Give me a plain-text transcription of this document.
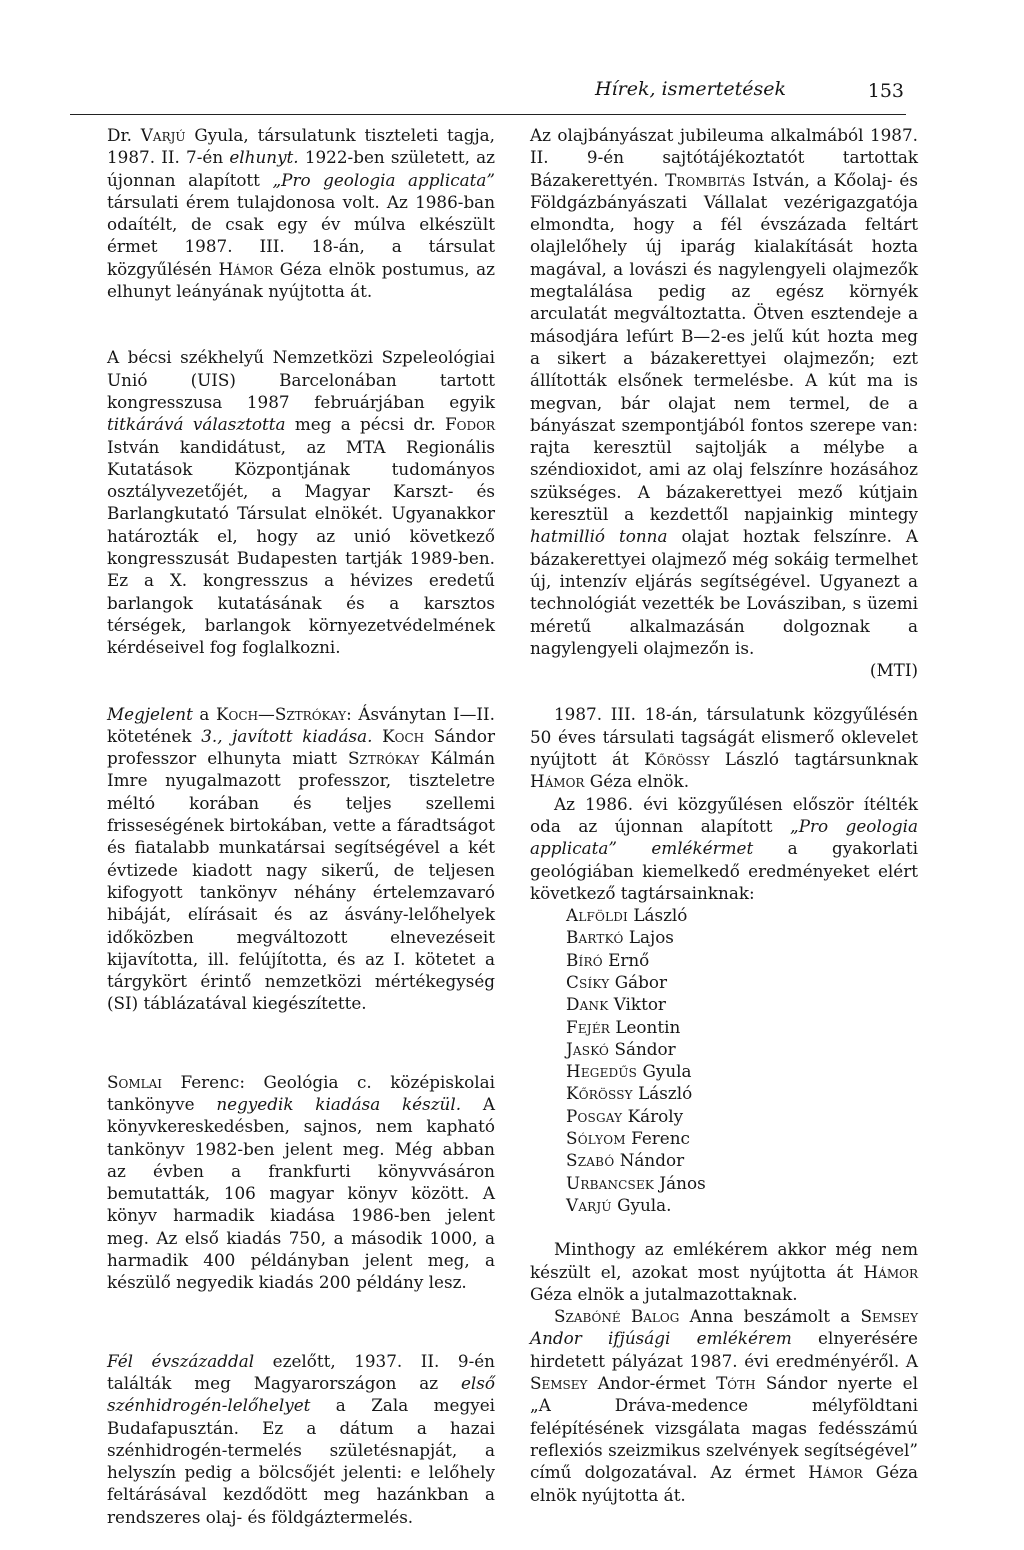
Hírek, ismertetések	153

Dr. Varjú Gyula, társulatunk tiszteleti tagja, 1987. II. 7-én elhunyt. 1922-ben született, az újonnan alapított „Pro geologia applicata” társulati érem tulajdonosa volt. Az 1986-ban odaítélt, de csak egy év múlva elkészült érmet 1987. III. 18-án, a társulat közgyűlésén Hámor Géza elnök postumus, az elhunyt leányának nyújtotta át.

A bécsi székhelyű Nemzetközi Szpeleológiai Unió (UIS) Barcelonában tartott kongresszusa 1987 februárjában egyik titkárává választotta meg a pécsi dr. Fodor István kandidátust, az MTA Regionális Kutatások Központjának tudományos osztályvezetőjét, a Magyar Karszt- és Barlangkutató Társulat elnökét. Ugyanakkor határozták el, hogy az unió következő kongresszusát Budapesten tartják 1989-ben. Ez a X. kongresszus a hévizes eredetű barlangok kutatásának és a karsztos térségek, barlangok környezetvédelmének kérdéseivel fog foglalkozni.

Megjelent a Koch—Sztrókay: Ásványtan I—II. kötetének 3., javított kiadása. Koch Sándor professzor elhunyta miatt Sztrókay Kálmán Imre nyugalmazott professzor, tiszteletre méltó korában és teljes szellemi frisseségének birtokában, vette a fáradtságot és fiatalabb munkatársai segítségével a két évtizede kiadott nagy sikerű, de teljesen kifogyott tankönyv néhány értelemzavaró hibáját, elírásait és az ásvány-lelőhelyek időközben megváltozott elnevezéseit kijavította, ill. felújította, és az I. kötetet a tárgykört érintő nemzetközi mértékegység (SI) táblázatával kiegészítette.

Somlai Ferenc: Geológia c. középiskolai tankönyve negyedik kiadása készül. A könyvkereskedésben, sajnos, nem kapható tankönyv 1982-ben jelent meg. Még abban az évben a frankfurti könyvvásáron bemutatták, 106 magyar könyv között. A könyv harmadik kiadása 1986-ben jelent meg. Az első kiadás 750, a második 1000, a harmadik 400 példányban jelent meg, a készülő negyedik kiadás 200 példány lesz.

Fél évszázaddal ezelőtt, 1937. II. 9-én találták meg Magyarországon az első szénhidrogén-lelőhelyet a Zala megyei Budafapusztán. Ez a dátum a hazai szénhidrogén-termelés születésnapját, a helyszín pedig a bölcsőjét jelenti: e lelőhely feltárásával kezdődött meg hazánkban a rendszeres olaj- és földgáztermelés.

Az olajbányászat jubileuma alkalmából 1987. II. 9-én sajtótájékoztatót tartottak Bázakerettyén. Trombitás István, a Kőolaj- és Földgázbányászati Vállalat vezérigazgatója elmondta, hogy a fél évszázada feltárt olajlelőhely új iparág kialakítását hozta magával, a lovászi és nagylengyeli olajmezők megtalálása pedig az egész környék arculatát megváltoztatta. Ötven esztendeje a másodjára lefúrt B—2-es jelű kút hozta meg a sikert a bázakerettyei olajmezőn; ezt állították elsőnek termelésbe. A kút ma is megvan, bár olajat nem termel, de a bányászat szempontjából fontos szerepe van: rajta keresztül sajtolják a mélybe a széndioxidot, ami az olaj felszínre hozásához szükséges. A bázakerettyei mező kútjain keresztül a kezdettől napjainkig mintegy hatmillió tonna olajat hoztak felszínre. A bázakerettyei olajmező még sokáig termelhet új, intenzív eljárás segítségével. Ugyanezt a technológiát vezették be Lovásziban, s üzemi méretű alkalmazásán dolgoznak a nagylengyeli olajmezőn is.

(MTI)

1987. III. 18-án, társulatunk közgyűlésén 50 éves társulati tagságát elismerő oklevelet nyújtott át Kőrössy László tagtársunknak Hámor Géza elnök.

Az 1986. évi közgyűlésen először ítélték oda az újonnan alapított „Pro geologia applicata” emlékérmet a gyakorlati geológiában kiemelkedő eredményeket elért következő tagtársainknak:

Alföldi László
Bartkó Lajos
Bíró Ernő
Csíky Gábor
Dank Viktor
Fejér Leontin
Jaskó Sándor
Hegedűs Gyula
Kőrössy László
Posgay Károly
Sólyom Ferenc
Szabó Nándor
Urbancsek János
Varjú Gyula.

Minthogy az emlékérem akkor még nem készült el, azokat most nyújtotta át Hámor Géza elnök a jutalmazottaknak.

Szabóné Balog Anna beszámolt a Semsey Andor ifjúsági emlékérem elnyerésére hirdetett pályázat 1987. évi eredményéről. A Semsey Andor-érmet Tóth Sándor nyerte el „A Dráva-medence mélyföldtani felépítésének vizsgálata magas fedésszámú reflexiós szeizmikus szelvények segítségével” című dolgozatával. Az érmet Hámor Géza elnök nyújtotta át.
